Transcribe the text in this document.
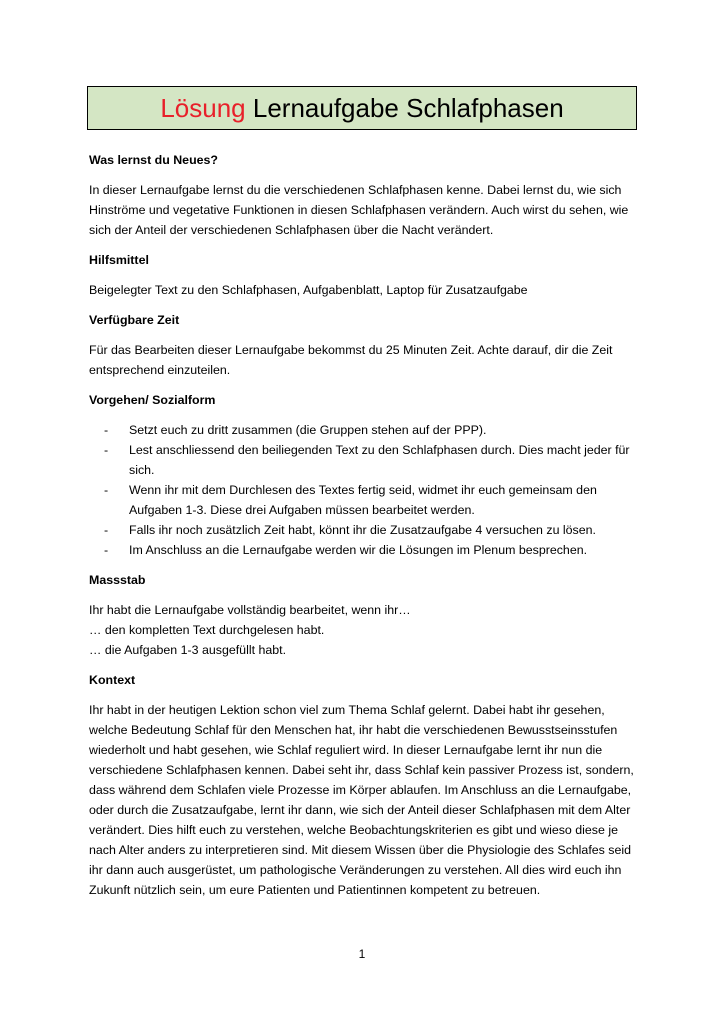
Lösung
Lernaufgabe Schlafphasen
Was lernst du Neues?
In dieser Lernaufgabe lernst du die verschiedenen Schlafphasen kenne. Dabei lernst du, wie sich Hinströme und vegetative Funktionen in diesen Schlafphasen verändern. Auch wirst du sehen, wie sich der Anteil der verschiedenen Schlafphasen über die Nacht verändert.
Hilfsmittel
Beigelegter Text zu den Schlafphasen, Aufgabenblatt, Laptop für Zusatzaufgabe
Verfügbare Zeit
Für das Bearbeiten dieser Lernaufgabe bekommst du 25 Minuten Zeit. Achte darauf, dir die Zeit entsprechend einzuteilen.
Vorgehen/ Sozialform
- Setzt euch zu dritt zusammen (die Gruppen stehen auf der PPP).
- Lest anschliessend den beiliegenden Text zu den Schlafphasen durch. Dies macht jeder für sich.
- Wenn ihr mit dem Durchlesen des Textes fertig seid, widmet ihr euch gemeinsam den Aufgaben 1-3. Diese drei Aufgaben müssen bearbeitet werden.
- Falls ihr noch zusätzlich Zeit habt, könnt ihr die Zusatzaufgabe 4 versuchen zu lösen.
- Im Anschluss an die Lernaufgabe werden wir die Lösungen im Plenum besprechen.
Massstab
Ihr habt die Lernaufgabe vollständig bearbeitet, wenn ihr…
… den kompletten Text durchgelesen habt.
… die Aufgaben 1-3 ausgefüllt habt.
Kontext
Ihr habt in der heutigen Lektion schon viel zum Thema Schlaf gelernt. Dabei habt ihr gesehen, welche Bedeutung Schlaf für den Menschen hat, ihr habt die verschiedenen Bewusstseinsstufen wiederholt und habt gesehen, wie Schlaf reguliert wird. In dieser Lernaufgabe lernt ihr nun die verschiedene Schlafphasen kennen. Dabei seht ihr, dass Schlaf kein passiver Prozess ist, sondern, dass während dem Schlafen viele Prozesse im Körper ablaufen. Im Anschluss an die Lernaufgabe, oder durch die Zusatzaufgabe, lernt ihr dann, wie sich der Anteil dieser Schlafphasen mit dem Alter verändert. Dies hilft euch zu verstehen, welche Beobachtungskriterien es gibt und wieso diese je nach Alter anders zu interpretieren sind. Mit diesem Wissen über die Physiologie des Schlafes seid ihr dann auch ausgerüstet, um pathologische Veränderungen zu verstehen. All dies wird euch ihn Zukunft nützlich sein, um eure Patienten und Patientinnen kompetent zu betreuen.
1
